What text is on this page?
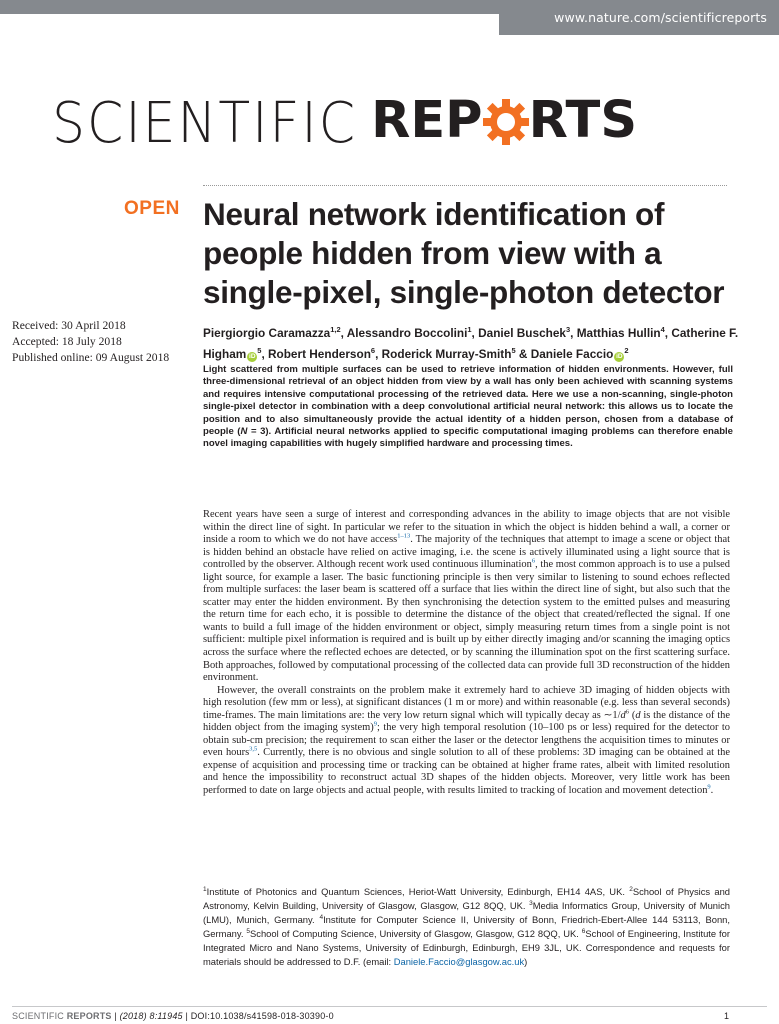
www.nature.com/scientificreports
SCIENTIFIC REP RTS
OPEN Neural network identification of people hidden from view with a single-pixel, single-photon detector
Received: 30 April 2018
Accepted: 18 July 2018
Published online: 09 August 2018
Piergiorgio Caramazza$^{1,2}$, Alessandro Boccolini$^1$, Daniel Buschek$^3$, Matthias Hullin$^4$, Catherine F. Higham $iD^5$, Robert Henderson$^6$, Roderick Murray-Smith$^5$ & Daniele Faccio $iD^2$
Light scattered from multiple surfaces can be used to retrieve information of hidden environments. However, full three-dimensional retrieval of an object hidden from view by a wall has only been achieved with scanning systems and requires intensive computational processing of the retrieved data. Here we use a non-scanning, single-photon single-pixel detector in combination with a deep convolutional artificial neural network: this allows us to locate the position and to also simultaneously provide the actual identity of a hidden person, chosen from a database of people (N = 3). Artificial neural networks applied to specific computational imaging problems can therefore enable novel imaging capabilities with hugely simplified hardware and processing times.

Recent years have seen a surge of interest and corresponding advances in the ability to image objects that are not visible within the direct line of sight. In particular we refer to the situation in which the object is hidden behind a wall, a corner or inside a room to which we do not have access$^{1-13}$. The majority of the techniques that attempt to image a scene or object that is hidden behind an obstacle have relied on active imaging, i.e. the scene is actively illuminated using a light source that is controlled by the observer. Although recent work used continuous illumination$^6$, the most common approach is to use a pulsed light source, for example a laser. The basic functioning principle is then very similar to listening to sound echoes reflected from multiple surfaces: the laser beam is scattered off a surface that lies within the direct line of sight, but also such that the scatter may enter the hidden environment. By then synchronising the detection system to the emitted pulses and measuring the return time for each echo, it is possible to determine the distance of the object that created/reflected the signal. If one wants to build a full image of the hidden environment or object, simply measuring return times from a single point is not sufficient: multiple pixel information is required and is built up by either directly imaging and/or scanning the imaging optics across the surface where the reflected echoes are detected, or by scanning the illumination spot on the first scattering surface. Both approaches, followed by computational processing of the collected data can provide full 3D reconstruction of the hidden environment.

However, the overall constraints on the problem make it extremely hard to achieve 3D imaging of hidden objects with high resolution (few mm or less), at significant distances (1 m or more) and within reasonable (e.g. less than several seconds) time-frames. The main limitations are: the very low return signal which will typically decay as $\sim 1/d^6$ (d is the distance of the hidden object from the imaging system)$^9$; the very high temporal resolution (10–100 ps or less) required for the detector to obtain sub-cm precision; the requirement to scan either the laser or the detector lengthens the acquisition times to minutes or even hours$^{3,5}$. Currently, there is no obvious and single solution to all of these problems: 3D imaging can be obtained at the expense of acquisition and processing time or tracking can be obtained at higher frame rates, albeit with limited resolution and hence the impossibility to reconstruct actual 3D shapes of the hidden objects. Moreover, very little work has been performed to date on large objects and actual people, with results limited to tracking of location and movement detection$^9$.

$^1$Institute of Photonics and Quantum Sciences, Heriot-Watt University, Edinburgh, EH14 4AS, UK. $^2$School of Physics and Astronomy, Kelvin Building, University of Glasgow, Glasgow, G12 8QQ, UK. $^3$Media Informatics Group, University of Munich (LMU), Munich, Germany. $^4$Institute for Computer Science II, University of Bonn, Friedrich-Ebert-Allee 144 53113, Bonn, Germany. $^5$School of Computing Science, University of Glasgow, Glasgow, G12 8QQ, UK. $^6$School of Engineering, Institute for Integrated Micro and Nano Systems, University of Edinburgh, Edinburgh, EH9 3JL, UK. Correspondence and requests for materials should be addressed to D.F. (email: Daniele.Faccio@glasgow.ac.uk)
SCIENTIFIC REPORTS | (2018) 8:11945 | DOI:10.1038/s41598-018-30390-0	1
